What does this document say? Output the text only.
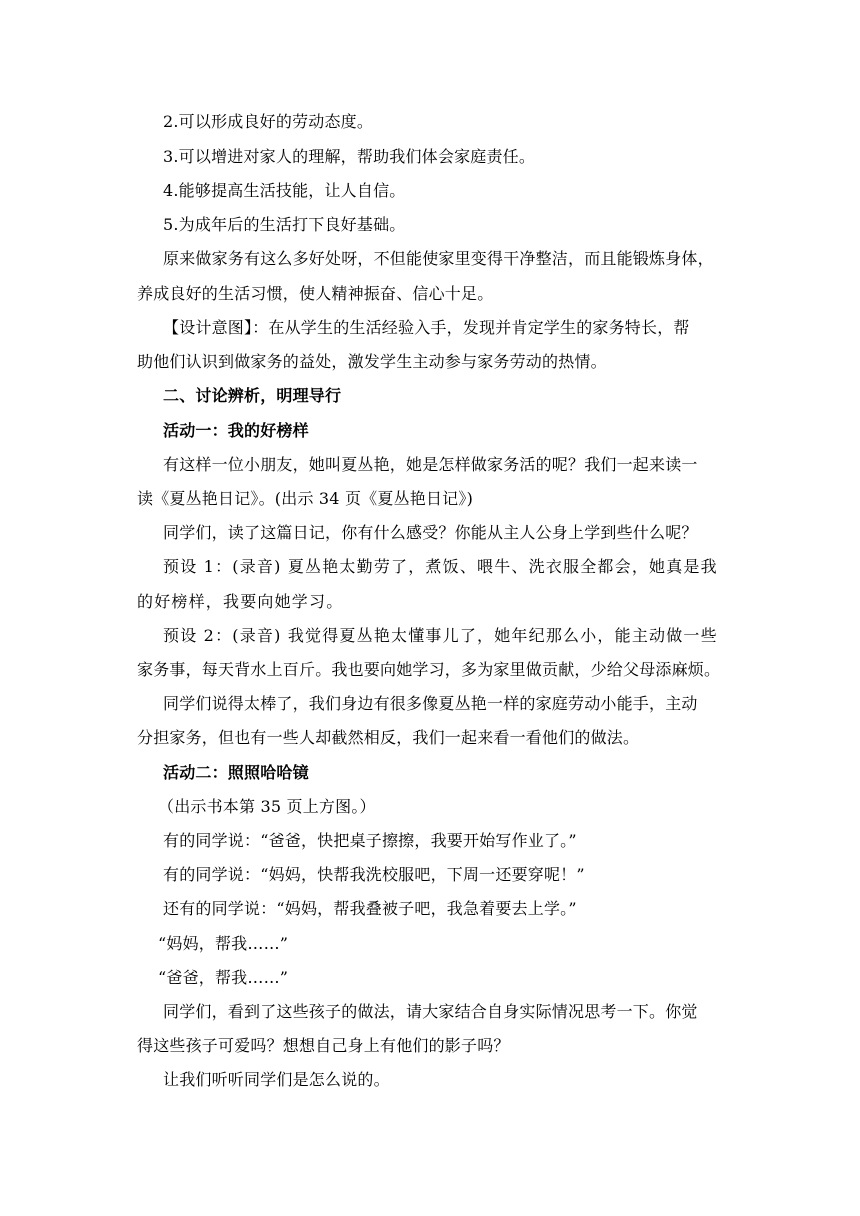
2.可以形成良好的劳动态度。
3.可以增进对家人的理解，帮助我们体会家庭责任。
4.能够提高生活技能，让人自信。
5.为成年后的生活打下良好基础。
原来做家务有这么多好处呀，不但能使家里变得干净整洁，而且能锻炼身体，
养成良好的生活习惯，使人精神振奋、信心十足。
【设计意图】：在从学生的生活经验入手，发现并肯定学生的家务特长，帮
助他们认识到做家务的益处，激发学生主动参与家务劳动的热情。
二、讨论辨析，明理导行
活动一：我的好榜样
有这样一位小朋友，她叫夏丛艳，她是怎样做家务活的呢？我们一起来读一
读《夏丛艳日记》。(出示 34 页《夏丛艳日记》)
同学们，读了这篇日记，你有什么感受？你能从主人公身上学到些什么呢？
预设 1：(录音) 夏丛艳太勤劳了，煮饭、喂牛、洗衣服全都会，她真是我
的好榜样，我要向她学习。
预设 2：(录音) 我觉得夏丛艳太懂事儿了，她年纪那么小，能主动做一些
家务事，每天背水上百斤。我也要向她学习，多为家里做贡献，少给父母添麻烦。
同学们说得太棒了，我们身边有很多像夏丛艳一样的家庭劳动小能手，主动
分担家务，但也有一些人却截然相反，我们一起来看一看他们的做法。
活动二：照照哈哈镜
（出示书本第 35 页上方图。）
有的同学说：“爸爸，快把桌子擦擦，我要开始写作业了。”
有的同学说：“妈妈，快帮我洗校服吧，下周一还要穿呢！”
还有的同学说：“妈妈，帮我叠被子吧，我急着要去上学。”
“妈妈，帮我……”
“爸爸，帮我……”
同学们，看到了这些孩子的做法，请大家结合自身实际情况思考一下。你觉
得这些孩子可爱吗？想想自己身上有他们的影子吗？
让我们听听同学们是怎么说的。
